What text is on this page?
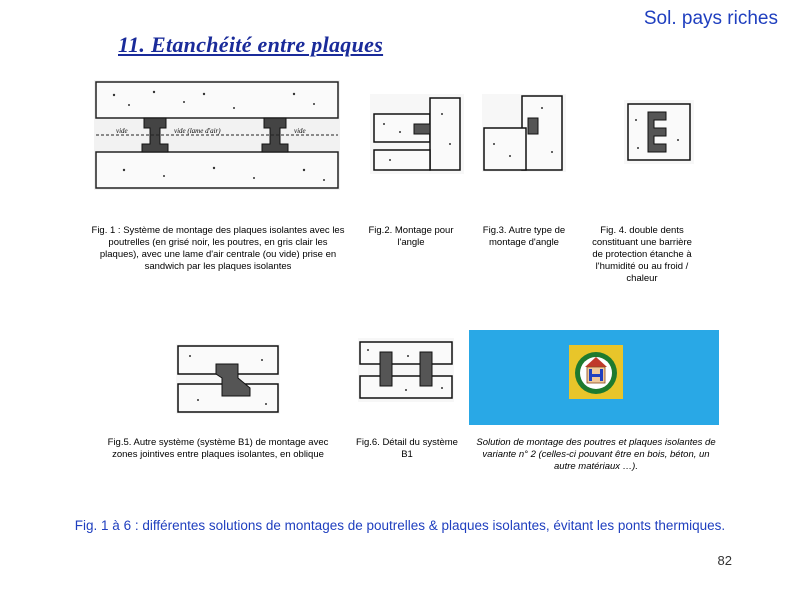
Sol. pays riches
11. Etanchéité entre plaques
vide	vide (lame d'air)	vide
Fig. 1 : Système de montage des plaques isolantes avec les poutrelles (en grisé noir, les poutres, en gris clair les plaques), avec une lame d'air centrale (ou vide) prise en sandwich par les plaques isolantes
Fig.2. Montage pour l'angle
Fig.3. Autre type de montage d'angle
Fig. 4. double dents constituant une barrière de protection étanche à l'humidité ou au froid / chaleur
Fig.5. Autre système (système B1) de montage avec zones jointives entre plaques isolantes, en oblique
Fig.6. Détail du système B1
Solution de montage des poutres et plaques isolantes de variante n° 2 (celles-ci pouvant être en bois, béton, un autre matériaux …).
Fig. 1 à 6 : différentes solutions de montages de poutrelles & plaques isolantes, évitant les ponts thermiques.
82
